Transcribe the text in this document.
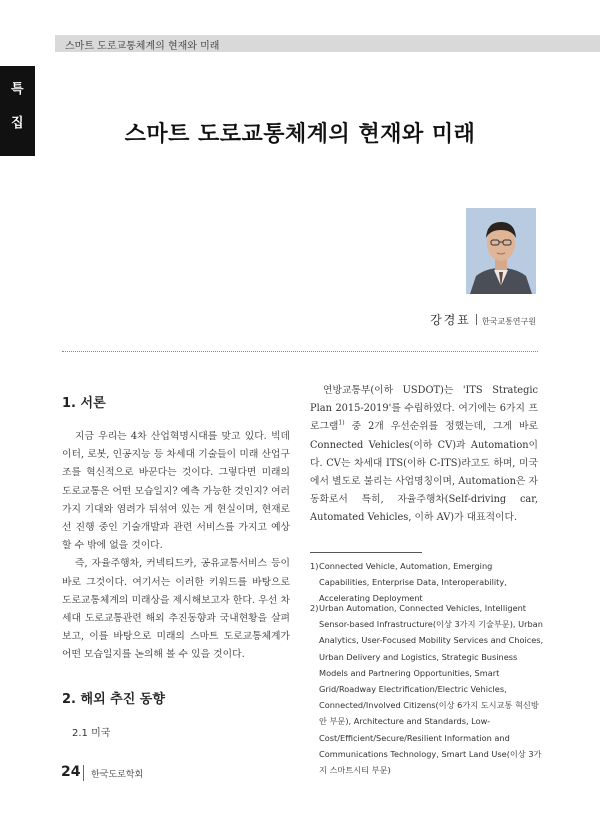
스마트 도로교통체계의 현재와 미래
특
집	스마트 도로교통체계의 현재와 미래
강경표 한국교통연구원
1. 서론

지금 우리는 4차 산업혁명시대를 맞고 있다. 빅데이터, 로봇, 인공지능 등 차세대 기술들이 미래 산업구조를 혁신적으로 바꾼다는 것이다. 그렇다면 미래의 도로교통은 어떤 모습일지? 예측 가능한 것인지? 여러 가지 기대와 염려가 뒤섞여 있는 게 현실이며, 현재로선 진행 중인 기술개발과 관련 서비스를 가지고 예상할 수 밖에 없을 것이다.

즉, 자율주행차, 커넥티드카, 공유교통서비스 등이 바로 그것이다. 여기서는 이러한 키워드를 바탕으로 도로교통체계의 미래상을 제시해보고자 한다. 우선 차세대 도로교통관련 해외 추진동향과 국내현황을 살펴보고, 이를 바탕으로 미래의 스마트 도로교통체계가 어떤 모습일지를 논의해 볼 수 있을 것이다.

2. 해외 추진 동향
2.1 미국

연방교통부(이하 USDOT)는 'ITS Strategic Plan 2015-2019'를 수립하였다. 여기에는 6가지 프로그램$^{1)}$ 중 2개 우선순위를 정했는데, 그게 바로 Connected Vehicles(이하 CV)과 Automation이다. CV는 차세대 ITS(이하 C-ITS)라고도 하며, 미국에서 별도로 불리는 사업명칭이며, Automation은 자동화로서 특히, 자율주행차(Self-driving car, Automated Vehicles, 이하 AV)가 대표적이다.

1) Connected Vehicle, Automation, Emerging Capabilities, Enterprise Data, Interoperability, Accelerating Deployment
2) Urban Automation, Connected Vehicles, Intelligent Sensor-based Infrastructure(이상 3가지 기술부문), Urban Analytics, User-Focused Mobility Services and Choices, Urban Delivery and Logistics, Strategic Business Models and Partnering Opportunities, Smart Grid/Roadway Electrification/Electric Vehicles, Connected/Involved Citizens(이상 6가지 도시교통 혁신방안 부문), Architecture and Standards, Low-Cost/Efficient/Secure/Resilient Information and Communications Technology, Smart Land Use(이상 3가지 스마트시티 부문)
24 한국도로학회
